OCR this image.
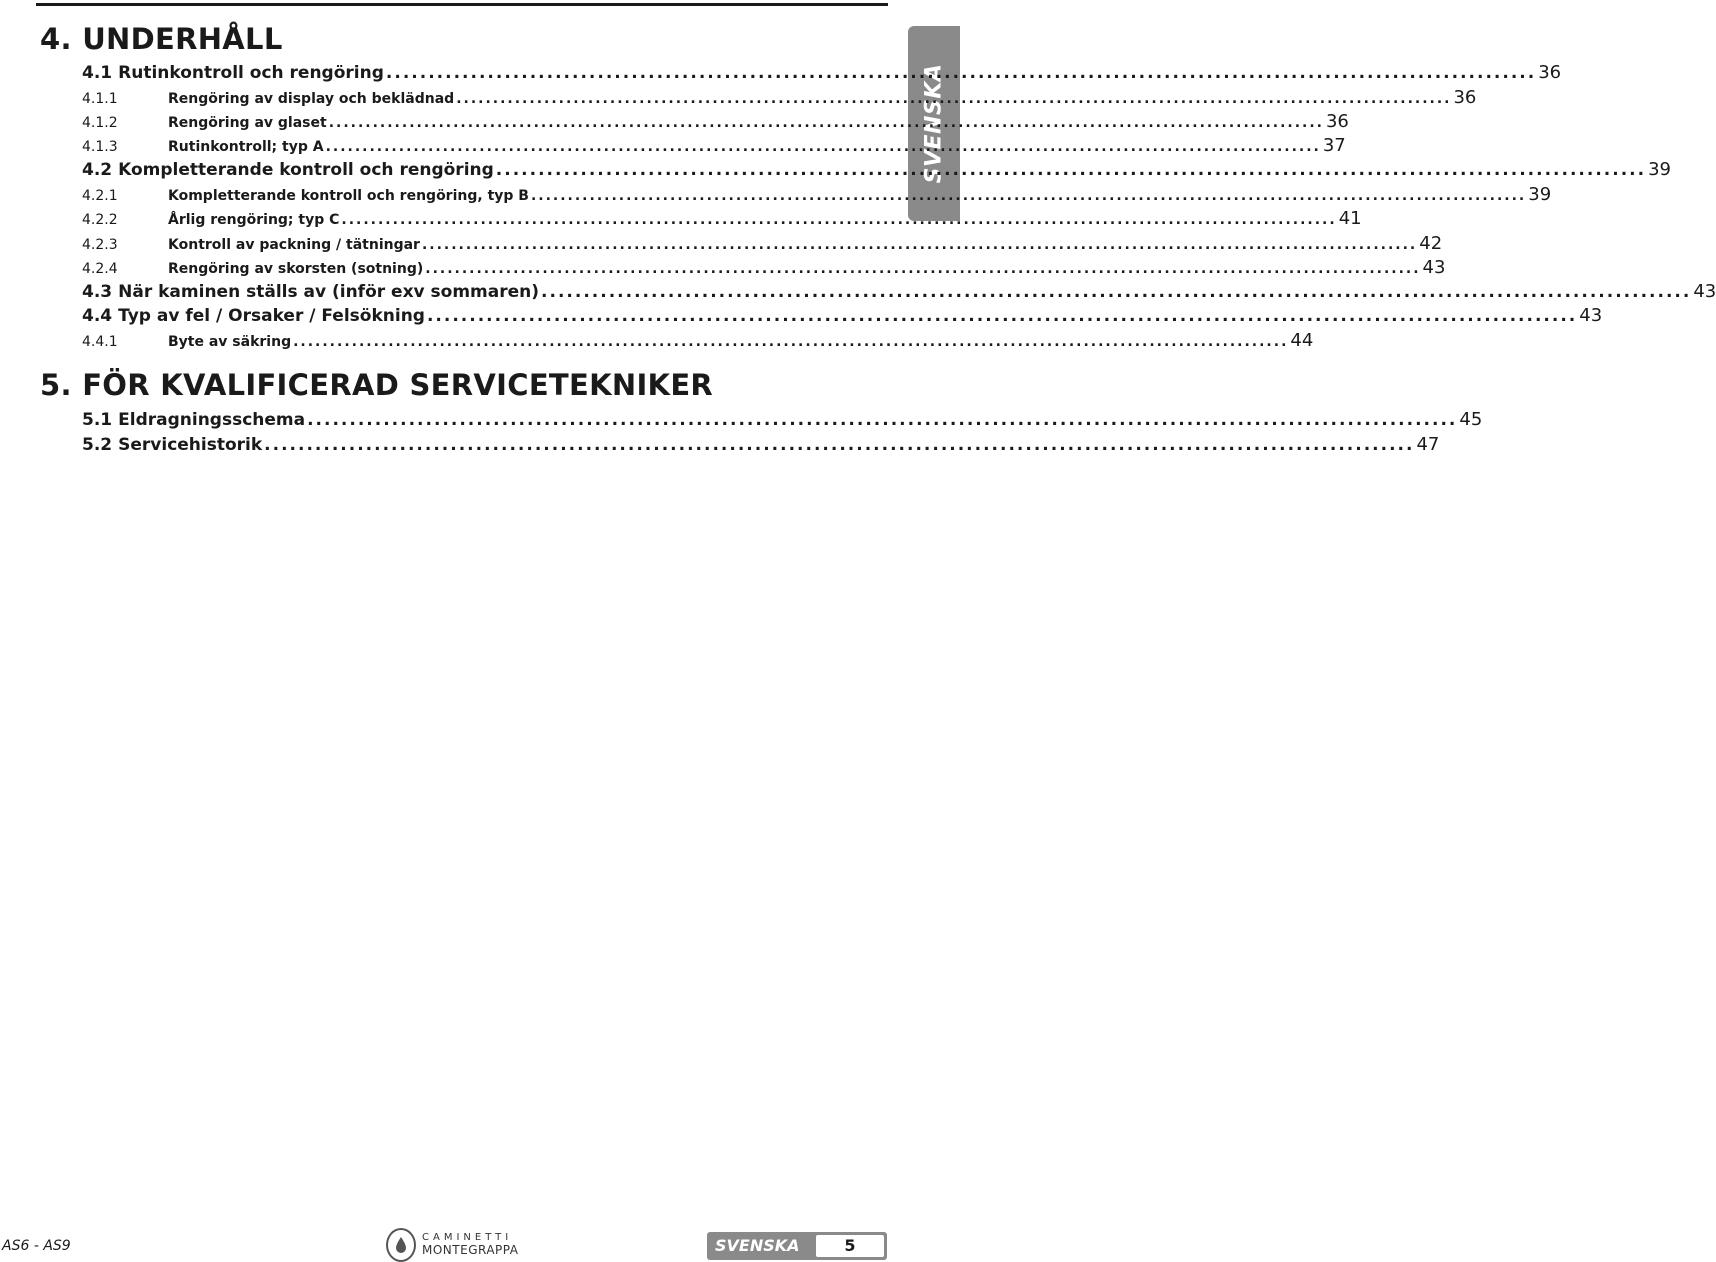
SVENSKA
4. UNDERHÅLL
4.1 Rutinkontroll och rengöring ........................................................................................................................................ 36
4.1.1	Rengöring av display och beklädnad ........................................................................................................................................ 36
4.1.2	Rengöring av glaset ........................................................................................................................................ 36
4.1.3	Rutinkontroll; typ A ........................................................................................................................................ 37
4.2 Kompletterande kontroll och rengöring ........................................................................................................................................ 39
4.2.1	Kompletterande kontroll och rengöring, typ B ........................................................................................................................................ 39
4.2.2	Årlig rengöring; typ C ........................................................................................................................................ 41
4.2.3	Kontroll av packning / tätningar ........................................................................................................................................ 42
4.2.4	Rengöring av skorsten (sotning) ........................................................................................................................................ 43
4.3 När kaminen ställs av (inför exv sommaren) ........................................................................................................................................ 43
4.4 Typ av fel / Orsaker / Felsökning ........................................................................................................................................ 43
4.4.1	Byte av säkring ........................................................................................................................................ 44
5. FÖR KVALIFICERAD SERVICETEKNIKER
5.1 Eldragningsschema ........................................................................................................................................ 45
5.2 Servicehistorik ........................................................................................................................................ 47
AS6 - AS9
CAMINETTI
MONTEGRAPPA	SVENSKA	5
